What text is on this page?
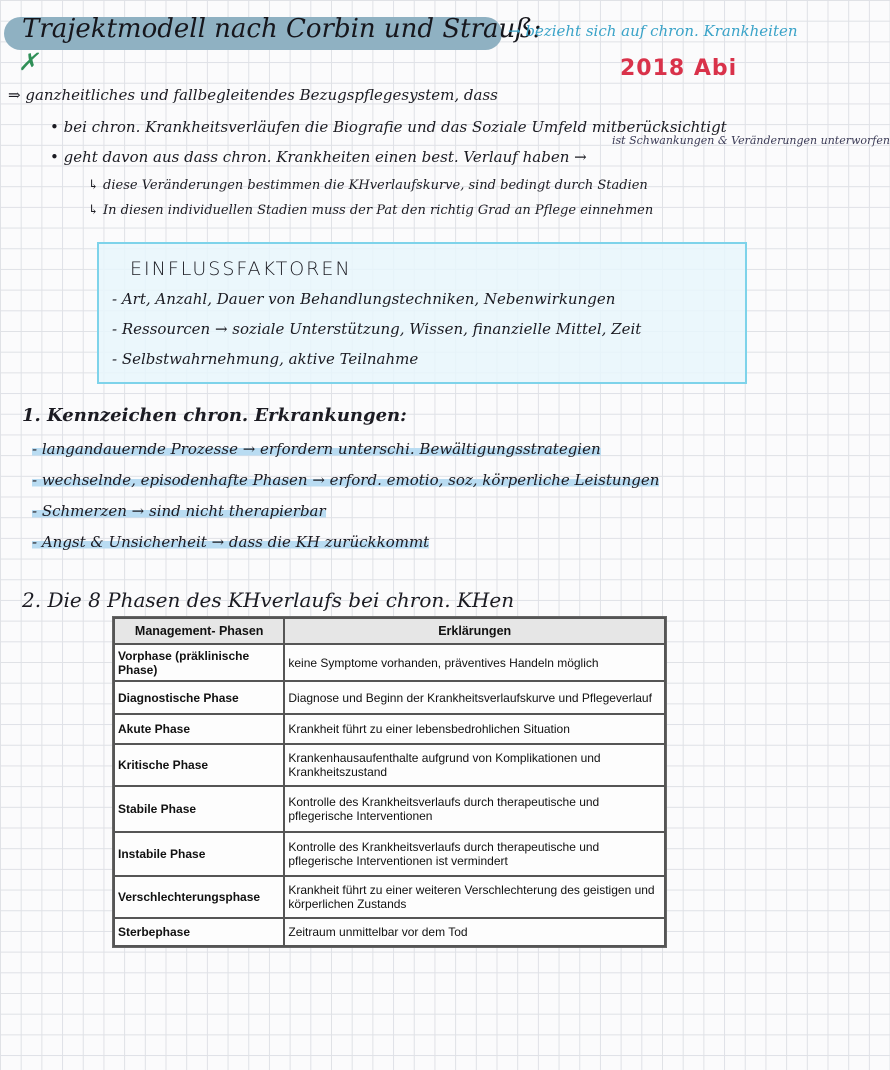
Trajektmodell nach Corbin und Strauß:
→ bezieht sich auf chron. Krankheiten
✗	2018 Abi
⇒ ganzheitliches und fallbegleitendes Bezugspflegesystem, dass
• bei chron. Krankheitsverläufen die Biografie und das Soziale Umfeld mitberücksichtigt
ist Schwankungen & Veränderungen unterworfen
• geht davon aus dass chron. Krankheiten einen best. Verlauf haben →
↳ diese Veränderungen bestimmen die KHverlaufskurve, sind bedingt durch Stadien
↳ In diesen individuellen Stadien muss der Pat den richtig Grad an Pflege einnehmen
EINFLUSSFAKTOREN
- Art, Anzahl, Dauer von Behandlungstechniken, Nebenwirkungen
- Ressourcen → soziale Unterstützung, Wissen, finanzielle Mittel, Zeit
- Selbstwahrnehmung, aktive Teilnahme
1. Kennzeichen chron. Erkrankungen:
- langandauernde Prozesse → erfordern unterschi. Bewältigungsstrategien
- wechselnde, episodenhafte Phasen → erford. emotio, soz, körperliche Leistungen
- Schmerzen → sind nicht therapierbar
- Angst & Unsicherheit → dass die KH zurückkommt
2. Die 8 Phasen des KHverlaufs bei chron. KHen
Management- Phasen	Erklärungen
Vorphase (präklinische Phase)	keine Symptome vorhanden, präventives Handeln möglich
Diagnostische Phase	Diagnose und Beginn der Krankheitsverlaufskurve und Pflegeverlauf
Akute Phase	Krankheit führt zu einer lebensbedrohlichen Situation
Kritische Phase	Krankenhausaufenthalte aufgrund von Komplikationen und Krankheitszustand
Stabile Phase	Kontrolle des Krankheitsverlaufs durch therapeutische und pflegerische Interventionen
Instabile Phase	Kontrolle des Krankheitsverlaufs durch therapeutische und pflegerische Interventionen ist vermindert
Verschlechterungsphase	Krankheit führt zu einer weiteren Verschlechterung des geistigen und körperlichen Zustands
Sterbephase	Zeitraum unmittelbar vor dem Tod
